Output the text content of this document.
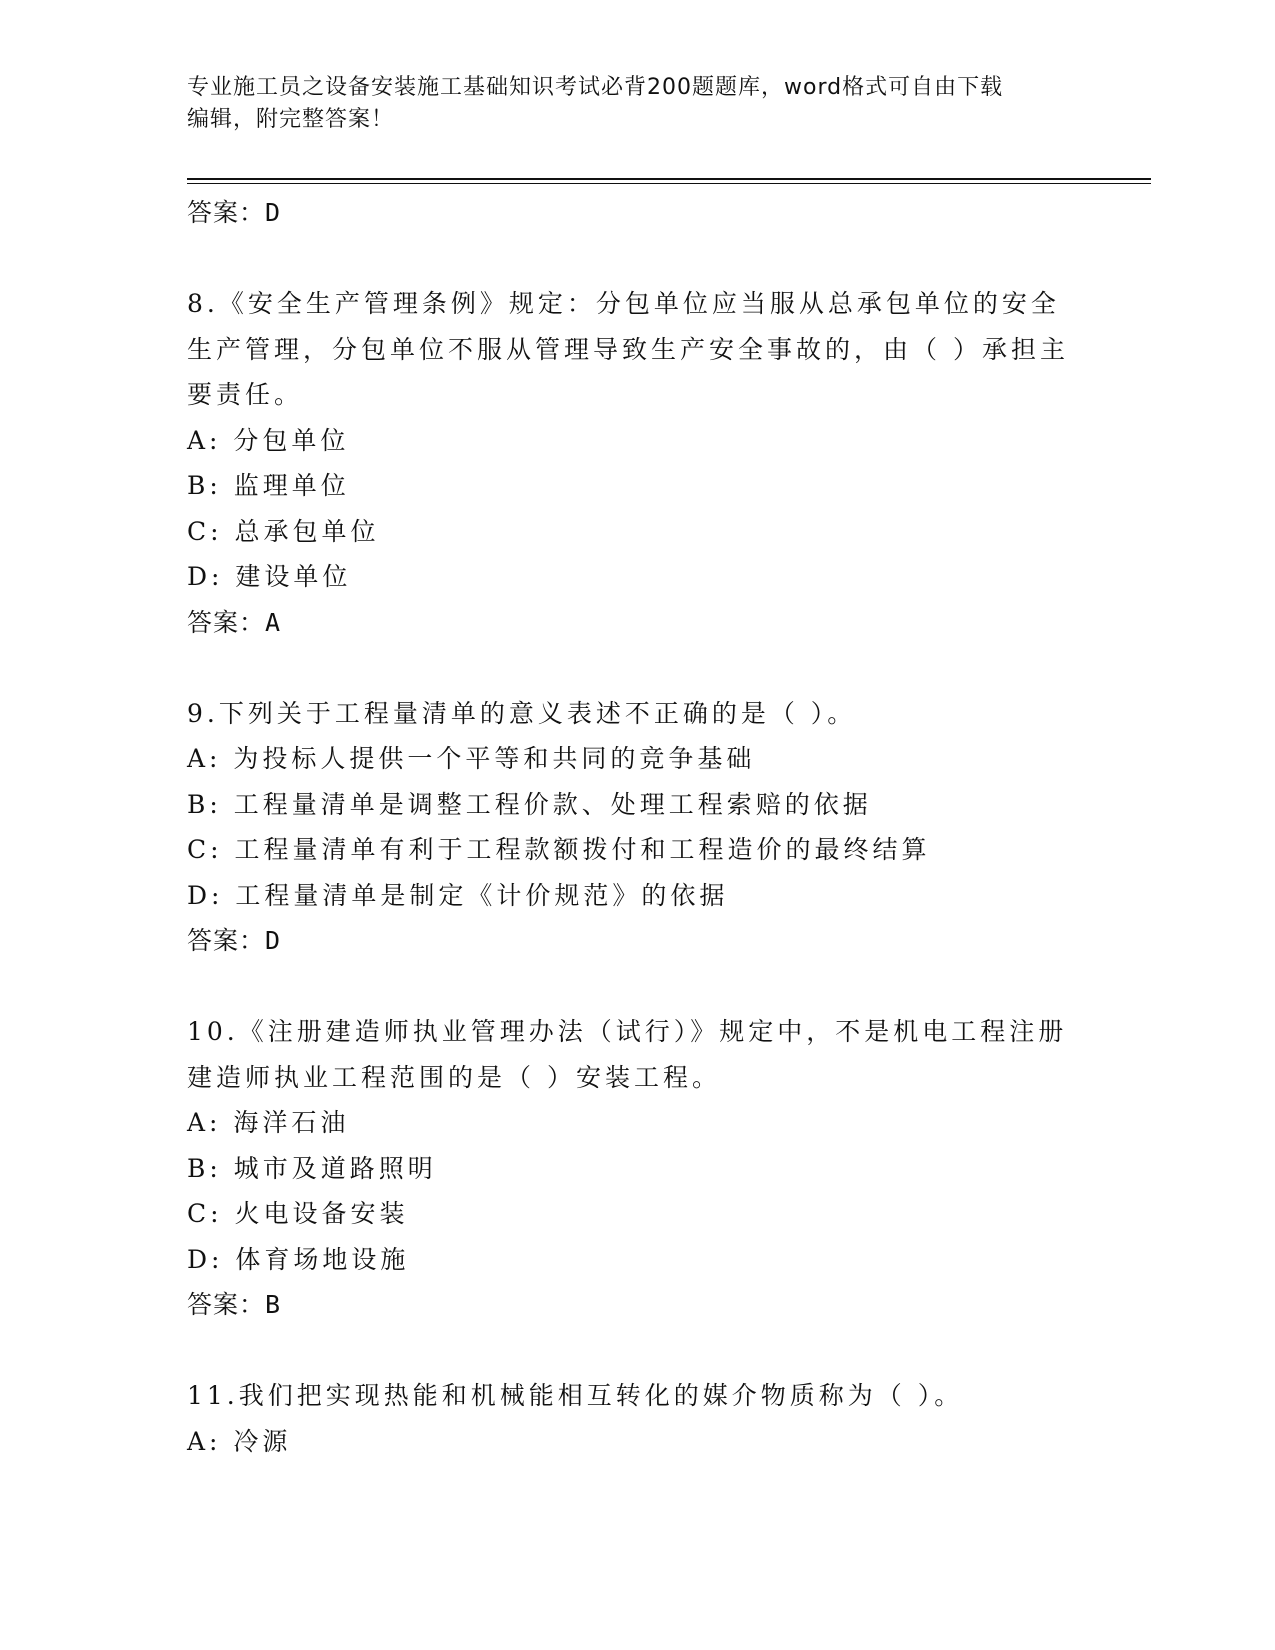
专业施工员之设备安装施工基础知识考试必背200题题库，word格式可自由下载
编辑，附完整答案！
答案：D
8.《安全生产管理条例》规定：分包单位应当服从总承包单位的安全
生产管理，分包单位不服从管理导致生产安全事故的，由（ ）承担主
要责任。
A: 分包单位
B: 监理单位
C: 总承包单位
D: 建设单位
答案：A
9.下列关于工程量清单的意义表述不正确的是（ ）。
A: 为投标人提供一个平等和共同的竞争基础
B: 工程量清单是调整工程价款、处理工程索赔的依据
C: 工程量清单有利于工程款额拨付和工程造价的最终结算
D: 工程量清单是制定《计价规范》的依据
答案：D
10.《注册建造师执业管理办法（试行）》规定中，不是机电工程注册
建造师执业工程范围的是（ ）安装工程。
A: 海洋石油
B: 城市及道路照明
C: 火电设备安装
D: 体育场地设施
答案：B
11.我们把实现热能和机械能相互转化的媒介物质称为（ ）。
A: 冷源
